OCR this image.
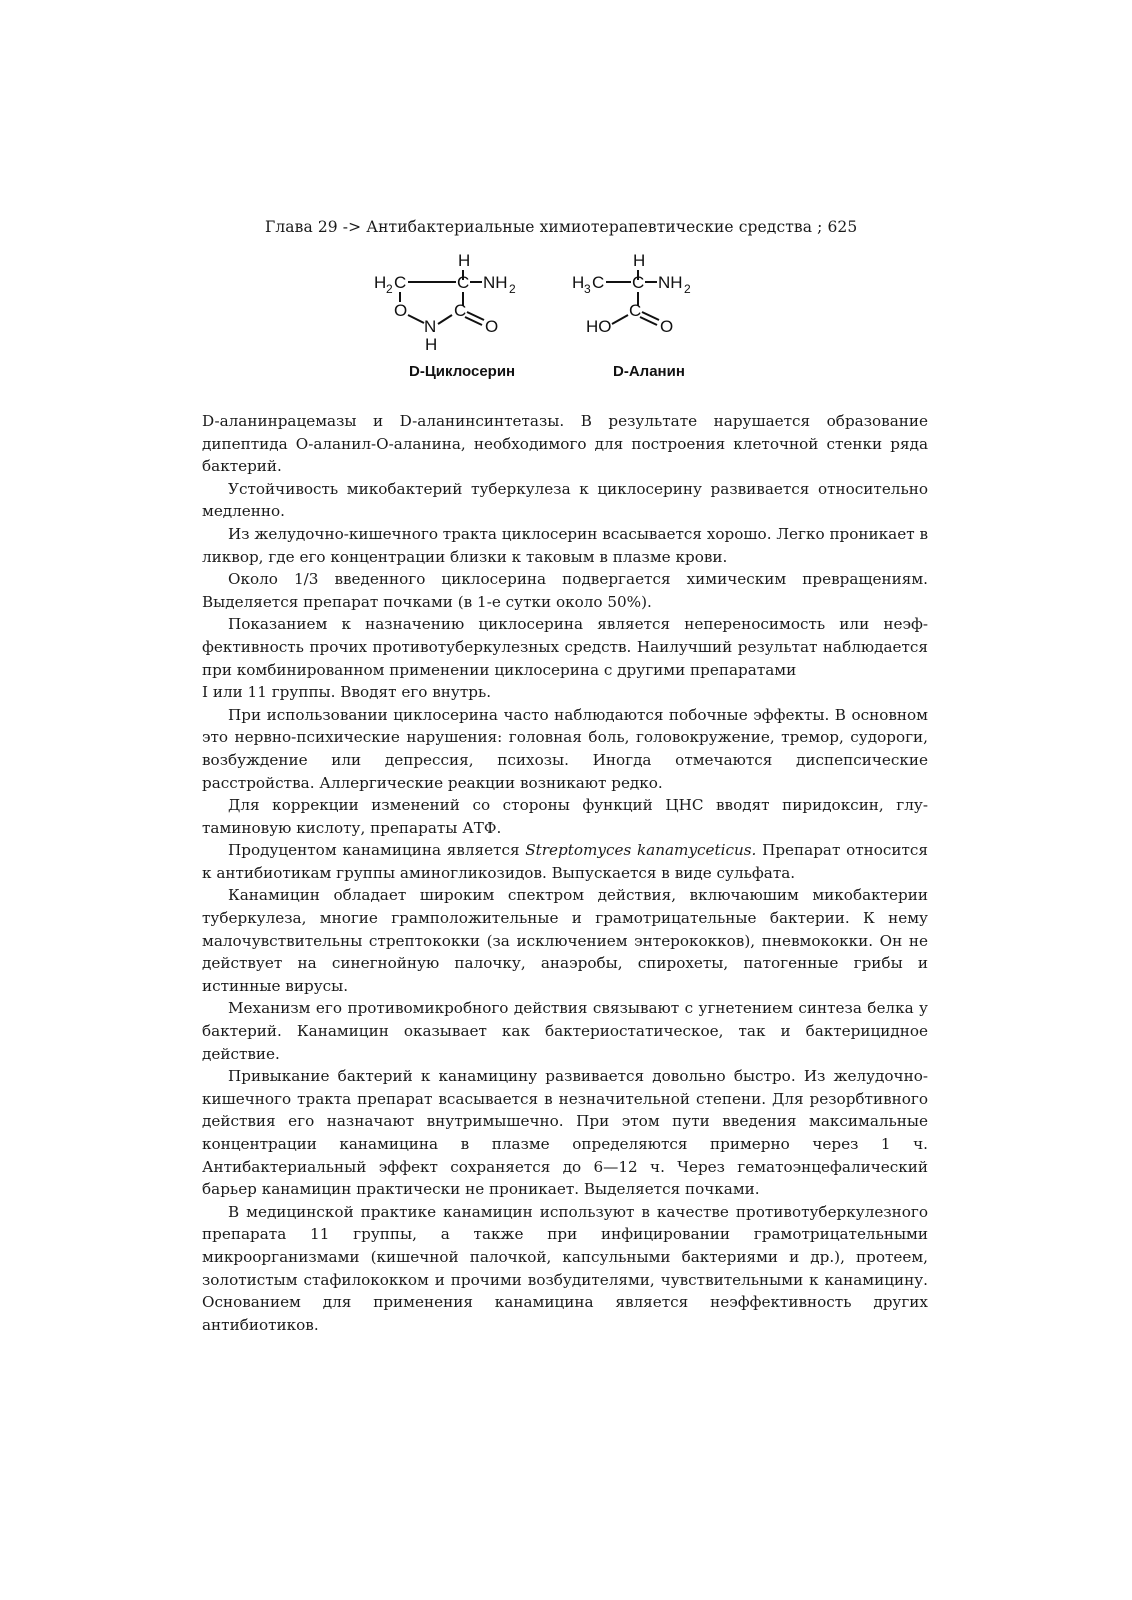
Глава 29 -> Антибактериальные химиотерапевтические средства ; 625
H
H 2 C	C NH 2
O
N
C
O
H
D-Циклосерин
H
H 3 C C NH 2
HO
C
O
D-Аланин

D-аланинрацемазы и D-аланинсинтетазы. В результате нарушается образование дипептида О-аланил-О-аланина, необходимого для построения клеточной стенки ряда бактерий.

Устойчивость микобактерий туберкулеза к циклосерину развивается относительно медленно.

Из желудочно-кишечного тракта циклосерин всасывается хорошо. Легко проникает в ликвор, где его концентрации близки к таковым в плазме крови.

Около 1/3 введенного циклосерина подвергается химическим превращениям. Выделяется препарат почками (в 1-е сутки около 50%).

Показанием к назначению циклосерина является непереносимость или неэффективность прочих противотуберкулезных средств. Наилучший результат наблюдается при комбинированном применении циклосерина с другими препаратами

I или 11 группы. Вводят его внутрь.

При использовании циклосерина часто наблюдаются побочные эффекты. В основном это нервно-психические нарушения: головная боль, головокружение, тремор, судороги, возбуждение или депрессия, психозы. Иногда отмечаются диспепсические расстройства. Аллергические реакции возникают редко.

Для коррекции изменений со стороны функций ЦНС вводят пиридоксин, глутаминовую кислоту, препараты АТФ.

Продуцентом канамицина является Streptomyces kanamyceticus. Препарат относится к антибиотикам группы аминогликозидов. Выпускается в виде сульфата.

Канамицин обладает широким спектром действия, включаюшим микобактерии туберкулеза, многие грамположительные и грамотрицательные бактерии. К нему малочувствительны стрептококки (за исключением энтерококков), пневмококки. Он не действует на синегнойную палочку, анаэробы, спирохеты, патогенные грибы и истинные вирусы.

Механизм его противомикробного действия связывают с угнетением синтеза белка у бактерий. Канамицин оказывает как бактериостатическое, так и бактерицидное действие.

Привыкание бактерий к канамицину развивается довольно быстро. Из желудочно-кишечного тракта препарат всасывается в незначительной степени. Для резорбтивного действия его назначают внутримышечно. При этом пути введения максимальные концентрации канамицина в плазме определяются примерно через 1 ч. Антибактериальный эффект сохраняется до 6—12 ч. Через гематоэнцефалический барьер канамицин практически не проникает. Выделяется почками.

В медицинской практике канамицин используют в качестве противотуберкулезного препарата 11 группы, а также при инфицировании грамотрицательными микроорганизмами (кишечной палочкой, капсульными бактериями и др.), протеем, золотистым стафилококком и прочими возбудителями, чувствительными к канамицину. Основанием для применения канамицина является неэффективность других антибиотиков.
